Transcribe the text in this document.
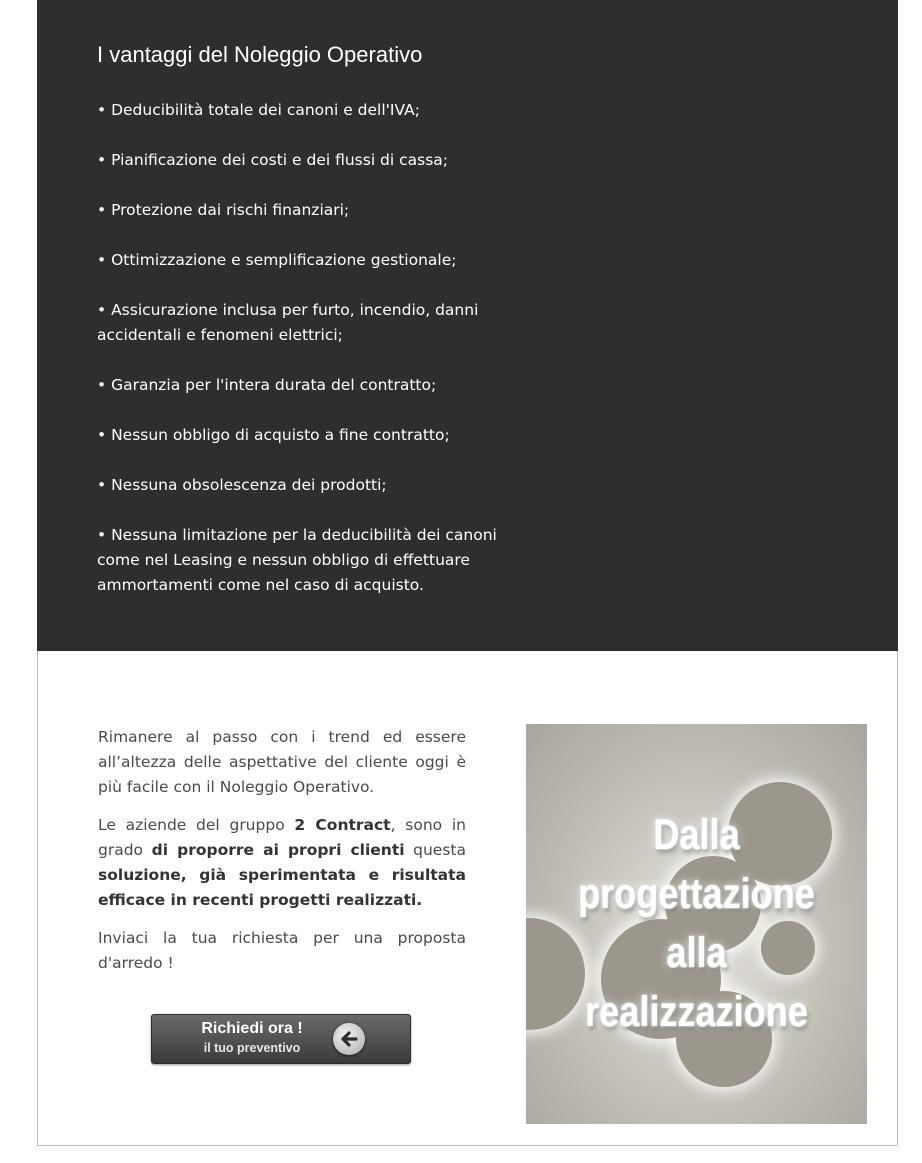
I vantaggi del Noleggio Operativo
• Deducibilità totale dei canoni e dell'IVA;
• Pianificazione dei costi e dei flussi di cassa;
• Protezione dai rischi finanziari;
• Ottimizzazione e semplificazione gestionale;
• Assicurazione inclusa per furto, incendio, danni accidentali e fenomeni elettrici;
• Garanzia per l'intera durata del contratto;
• Nessun obbligo di acquisto a fine contratto;
• Nessuna obsolescenza dei prodotti;
• Nessuna limitazione per la deducibilità dei canoni come nel Leasing e nessun obbligo di effettuare ammortamenti come nel caso di acquisto.

Rimanere al passo con i trend ed essere all’altezza delle aspettative del cliente oggi è più facile con il Noleggio Operativo.

Le aziende del gruppo 2 Contract, sono in grado di proporre ai propri clienti questa soluzione, già sperimentata e risultata efficace in recenti progetti realizzati.

Inviaci la tua richiesta per una proposta d'arredo !

Richiedi ora !
il tuo preventivo
Dalla
progettazione
alla
realizzazione
